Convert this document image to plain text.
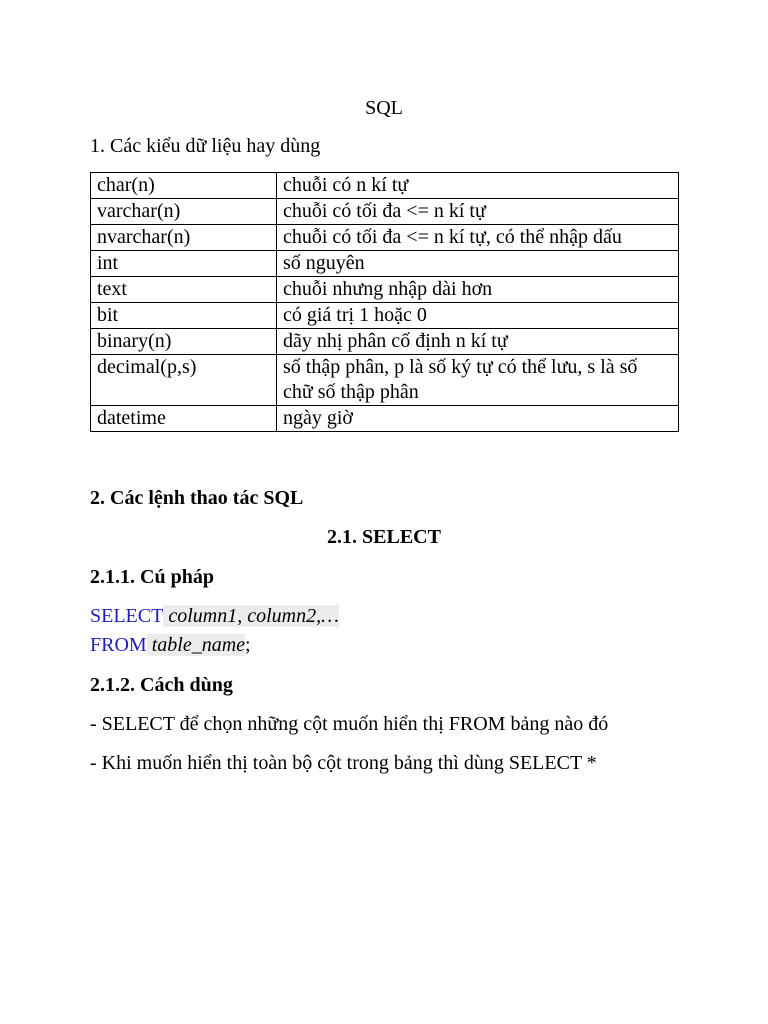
SQL
1. Các kiểu dữ liệu hay dùng
char(n)	chuỗi có n kí tự
varchar(n)	chuỗi có tối đa <= n kí tự
nvarchar(n)	chuỗi có tối đa <= n kí tự, có thể nhập dấu
int	số nguyên
text	chuỗi nhưng nhập dài hơn
bit	có giá trị 1 hoặc 0
binary(n)	dãy nhị phân cố định n kí tự
decimal(p,s)	số thập phân, p là số ký tự có thể lưu, s là số chữ số thập phân
datetime	ngày giờ
2. Các lệnh thao tác SQL
2.1. SELECT
2.1.1. Cú pháp
SELECT column1, column2,…
FROM table_name;
2.1.2. Cách dùng
- SELECT để chọn những cột muốn hiển thị FROM bảng nào đó
- Khi muốn hiển thị toàn bộ cột trong bảng thì dùng SELECT *
